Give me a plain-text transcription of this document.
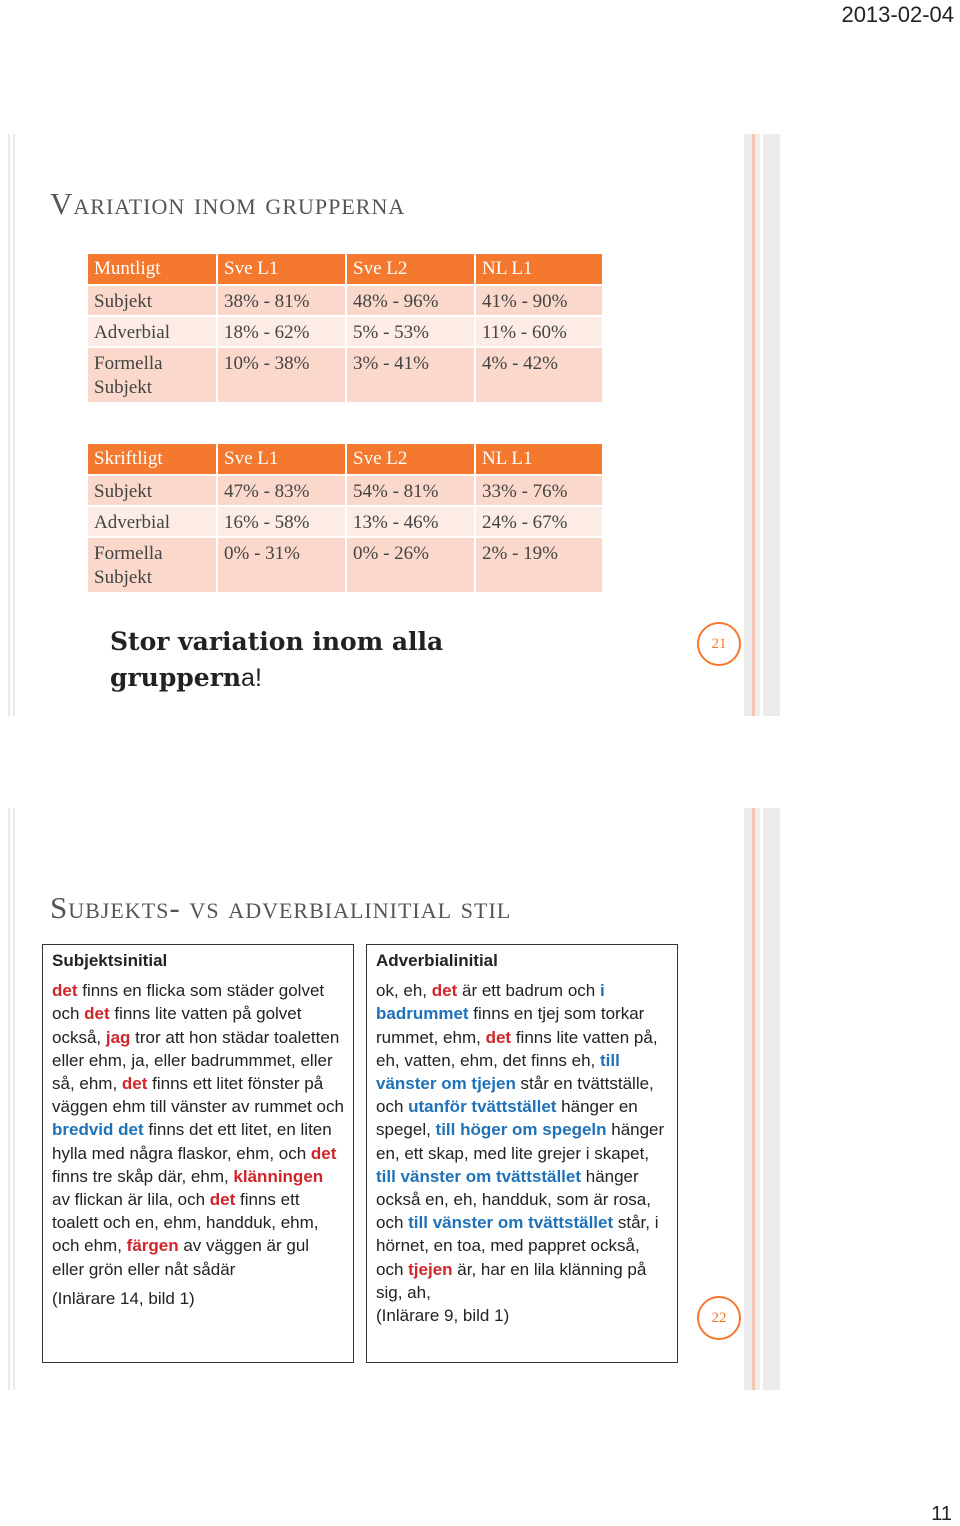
2013-02-04
Variation inom grupperna
Muntligt	Sve L1	Sve L2	NL L1
Subjekt	38% - 81%	48% - 96%	41% - 90%
Adverbial	18% - 62%	5% - 53%	11% - 60%
Formella Subjekt	10% - 38%	3% - 41%	4% - 42%
Skriftligt	Sve L1	Sve L2	NL L1
Subjekt	47% - 83%	54% - 81%	33% - 76%
Adverbial	16% - 58%	13% - 46%	24% - 67%
Formella Subjekt	0% - 31%	0% - 26%	2% - 19%
Stor variation inom alla grupperna!
21
Subjekts- vs adverbialinitial stil
Subjektsinitial
det finns en flicka som städer golvet och det finns lite vatten på golvet också, jag tror att hon städar toaletten eller ehm, ja, eller badrummmet, eller så, ehm, det finns ett litet fönster på väggen ehm till vänster av rummet och bredvid det finns det ett litet, en liten hylla med några flaskor, ehm, och det finns tre skåp där, ehm, klänningen av flickan är lila, och det finns ett toalett och en, ehm, handduk, ehm, och ehm, färgen av väggen är gul eller grön eller nåt sådär
(Inlärare 14, bild 1)
Adverbialinitial
ok, eh, det är ett badrum och i badrummet finns en tjej som torkar rummet, ehm, det finns lite vatten på, eh, vatten, ehm, det finns eh, till vänster om tjejen står en tvättställe, och utanför tvättstället hänger en spegel, till höger om spegeln hänger en, ett skap, med lite grejer i skapet, till vänster om tvättstället hänger också en, eh, handduk, som är rosa, och till vänster om tvättstället står, i hörnet, en toa, med pappret också, och tjejen är, har en lila klänning på sig, ah,
(Inlärare 9, bild 1)	22
11
